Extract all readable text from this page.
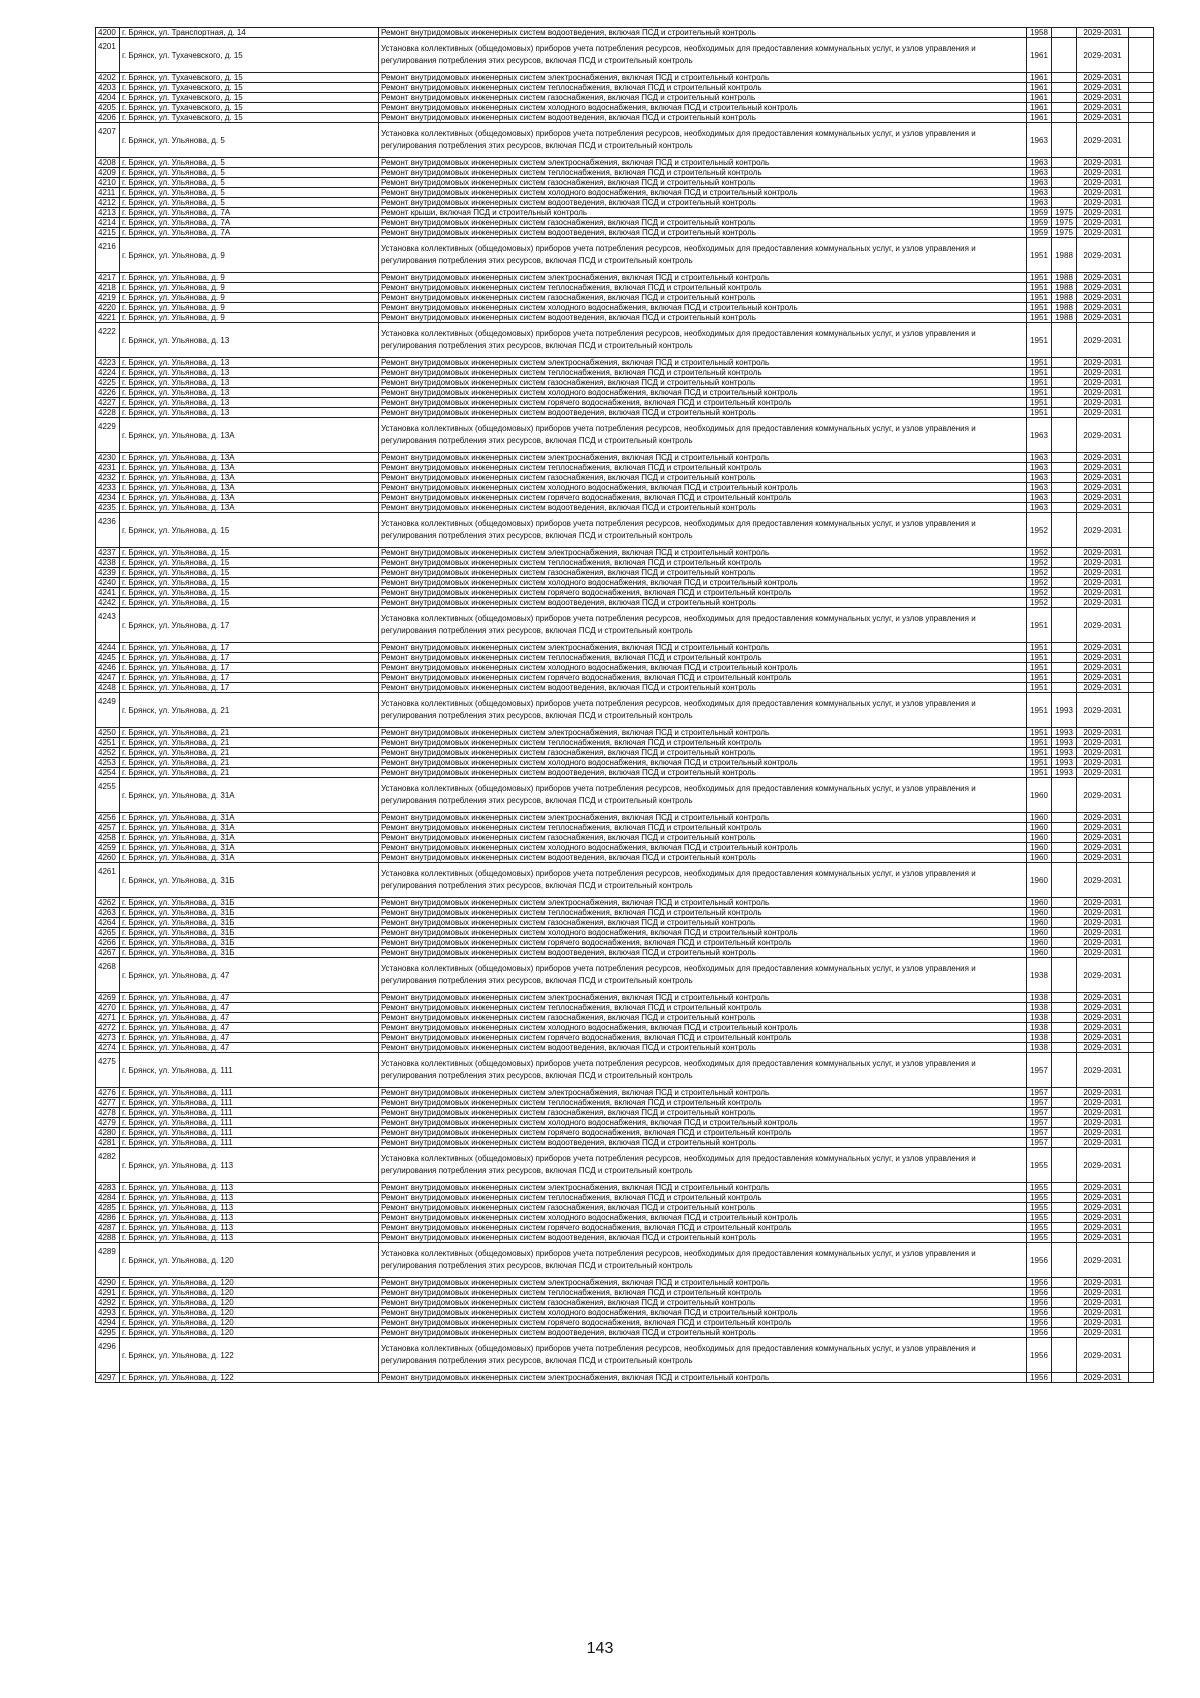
4200	г. Брянск, ул. Транспортная, д. 14	Ремонт внутридомовых инженерных систем водоотведения, включая ПСД и строительный контроль	1958		2029-2031	
4201	г. Брянск, ул. Тухачевского, д. 15	Установка коллективных (общедомовых) приборов учета потребления ресурсов, необходимых для предоставления коммунальных услуг, и узлов управления и регулирования потребления этих ресурсов, включая ПСД и строительный контроль	1961		2029-2031	
4202	г. Брянск, ул. Тухачевского, д. 15	Ремонт внутридомовых инженерных систем электроснабжения, включая ПСД и строительный контроль	1961		2029-2031	
4203	г. Брянск, ул. Тухачевского, д. 15	Ремонт внутридомовых инженерных систем теплоснабжения, включая ПСД и строительный контроль	1961		2029-2031	
4204	г. Брянск, ул. Тухачевского, д. 15	Ремонт внутридомовых инженерных систем газоснабжения, включая ПСД и строительный контроль	1961		2029-2031	
4205	г. Брянск, ул. Тухачевского, д. 15	Ремонт внутридомовых инженерных систем холодного водоснабжения, включая ПСД и строительный контроль	1961		2029-2031	
4206	г. Брянск, ул. Тухачевского, д. 15	Ремонт внутридомовых инженерных систем водоотведения, включая ПСД и строительный контроль	1961		2029-2031	
4207	г. Брянск, ул. Ульянова, д. 5	Установка коллективных (общедомовых) приборов учета потребления ресурсов, необходимых для предоставления коммунальных услуг, и узлов управления и регулирования потребления этих ресурсов, включая ПСД и строительный контроль	1963		2029-2031	
4208	г. Брянск, ул. Ульянова, д. 5	Ремонт внутридомовых инженерных систем электроснабжения, включая ПСД и строительный контроль	1963		2029-2031	
4209	г. Брянск, ул. Ульянова, д. 5	Ремонт внутридомовых инженерных систем теплоснабжения, включая ПСД и строительный контроль	1963		2029-2031	
4210	г. Брянск, ул. Ульянова, д. 5	Ремонт внутридомовых инженерных систем газоснабжения, включая ПСД и строительный контроль	1963		2029-2031	
4211	г. Брянск, ул. Ульянова, д. 5	Ремонт внутридомовых инженерных систем холодного водоснабжения, включая ПСД и строительный контроль	1963		2029-2031	
4212	г. Брянск, ул. Ульянова, д. 5	Ремонт внутридомовых инженерных систем водоотведения, включая ПСД и строительный контроль	1963		2029-2031	
4213	г. Брянск, ул. Ульянова, д. 7А	Ремонт крыши, включая ПСД и строительный контроль	1959	1975	2029-2031	
4214	г. Брянск, ул. Ульянова, д. 7А	Ремонт внутридомовых инженерных систем газоснабжения, включая ПСД и строительный контроль	1959	1975	2029-2031	
4215	г. Брянск, ул. Ульянова, д. 7А	Ремонт внутридомовых инженерных систем водоотведения, включая ПСД и строительный контроль	1959	1975	2029-2031	
4216	г. Брянск, ул. Ульянова, д. 9	Установка коллективных (общедомовых) приборов учета потребления ресурсов, необходимых для предоставления коммунальных услуг, и узлов управления и регулирования потребления этих ресурсов, включая ПСД и строительный контроль	1951	1988	2029-2031	
4217	г. Брянск, ул. Ульянова, д. 9	Ремонт внутридомовых инженерных систем электроснабжения, включая ПСД и строительный контроль	1951	1988	2029-2031	
4218	г. Брянск, ул. Ульянова, д. 9	Ремонт внутридомовых инженерных систем теплоснабжения, включая ПСД и строительный контроль	1951	1988	2029-2031	
4219	г. Брянск, ул. Ульянова, д. 9	Ремонт внутридомовых инженерных систем газоснабжения, включая ПСД и строительный контроль	1951	1988	2029-2031	
4220	г. Брянск, ул. Ульянова, д. 9	Ремонт внутридомовых инженерных систем холодного водоснабжения, включая ПСД и строительный контроль	1951	1988	2029-2031	
4221	г. Брянск, ул. Ульянова, д. 9	Ремонт внутридомовых инженерных систем водоотведения, включая ПСД и строительный контроль	1951	1988	2029-2031	
4222	г. Брянск, ул. Ульянова, д. 13	Установка коллективных (общедомовых) приборов учета потребления ресурсов, необходимых для предоставления коммунальных услуг, и узлов управления и регулирования потребления этих ресурсов, включая ПСД и строительный контроль	1951		2029-2031	
4223	г. Брянск, ул. Ульянова, д. 13	Ремонт внутридомовых инженерных систем электроснабжения, включая ПСД и строительный контроль	1951		2029-2031	
4224	г. Брянск, ул. Ульянова, д. 13	Ремонт внутридомовых инженерных систем теплоснабжения, включая ПСД и строительный контроль	1951		2029-2031	
4225	г. Брянск, ул. Ульянова, д. 13	Ремонт внутридомовых инженерных систем газоснабжения, включая ПСД и строительный контроль	1951		2029-2031	
4226	г. Брянск, ул. Ульянова, д. 13	Ремонт внутридомовых инженерных систем холодного водоснабжения, включая ПСД и строительный контроль	1951		2029-2031	
4227	г. Брянск, ул. Ульянова, д. 13	Ремонт внутридомовых инженерных систем горячего водоснабжения, включая ПСД и строительный контроль	1951		2029-2031	
4228	г. Брянск, ул. Ульянова, д. 13	Ремонт внутридомовых инженерных систем водоотведения, включая ПСД и строительный контроль	1951		2029-2031	
4229	г. Брянск, ул. Ульянова, д. 13А	Установка коллективных (общедомовых) приборов учета потребления ресурсов, необходимых для предоставления коммунальных услуг, и узлов управления и регулирования потребления этих ресурсов, включая ПСД и строительный контроль	1963		2029-2031	
4230	г. Брянск, ул. Ульянова, д. 13А	Ремонт внутридомовых инженерных систем электроснабжения, включая ПСД и строительный контроль	1963		2029-2031	
4231	г. Брянск, ул. Ульянова, д. 13А	Ремонт внутридомовых инженерных систем теплоснабжения, включая ПСД и строительный контроль	1963		2029-2031	
4232	г. Брянск, ул. Ульянова, д. 13А	Ремонт внутридомовых инженерных систем газоснабжения, включая ПСД и строительный контроль	1963		2029-2031	
4233	г. Брянск, ул. Ульянова, д. 13А	Ремонт внутридомовых инженерных систем холодного водоснабжения, включая ПСД и строительный контроль	1963		2029-2031	
4234	г. Брянск, ул. Ульянова, д. 13А	Ремонт внутридомовых инженерных систем горячего водоснабжения, включая ПСД и строительный контроль	1963		2029-2031	
4235	г. Брянск, ул. Ульянова, д. 13А	Ремонт внутридомовых инженерных систем водоотведения, включая ПСД и строительный контроль	1963		2029-2031	
4236	г. Брянск, ул. Ульянова, д. 15	Установка коллективных (общедомовых) приборов учета потребления ресурсов, необходимых для предоставления коммунальных услуг, и узлов управления и регулирования потребления этих ресурсов, включая ПСД и строительный контроль	1952		2029-2031	
4237	г. Брянск, ул. Ульянова, д. 15	Ремонт внутридомовых инженерных систем электроснабжения, включая ПСД и строительный контроль	1952		2029-2031	
4238	г. Брянск, ул. Ульянова, д. 15	Ремонт внутридомовых инженерных систем теплоснабжения, включая ПСД и строительный контроль	1952		2029-2031	
4239	г. Брянск, ул. Ульянова, д. 15	Ремонт внутридомовых инженерных систем газоснабжения, включая ПСД и строительный контроль	1952		2029-2031	
4240	г. Брянск, ул. Ульянова, д. 15	Ремонт внутридомовых инженерных систем холодного водоснабжения, включая ПСД и строительный контроль	1952		2029-2031	
4241	г. Брянск, ул. Ульянова, д. 15	Ремонт внутридомовых инженерных систем горячего водоснабжения, включая ПСД и строительный контроль	1952		2029-2031	
4242	г. Брянск, ул. Ульянова, д. 15	Ремонт внутридомовых инженерных систем водоотведения, включая ПСД и строительный контроль	1952		2029-2031	
4243	г. Брянск, ул. Ульянова, д. 17	Установка коллективных (общедомовых) приборов учета потребления ресурсов, необходимых для предоставления коммунальных услуг, и узлов управления и регулирования потребления этих ресурсов, включая ПСД и строительный контроль	1951		2029-2031	
4244	г. Брянск, ул. Ульянова, д. 17	Ремонт внутридомовых инженерных систем электроснабжения, включая ПСД и строительный контроль	1951		2029-2031	
4245	г. Брянск, ул. Ульянова, д. 17	Ремонт внутридомовых инженерных систем теплоснабжения, включая ПСД и строительный контроль	1951		2029-2031	
4246	г. Брянск, ул. Ульянова, д. 17	Ремонт внутридомовых инженерных систем холодного водоснабжения, включая ПСД и строительный контроль	1951		2029-2031	
4247	г. Брянск, ул. Ульянова, д. 17	Ремонт внутридомовых инженерных систем горячего водоснабжения, включая ПСД и строительный контроль	1951		2029-2031	
4248	г. Брянск, ул. Ульянова, д. 17	Ремонт внутридомовых инженерных систем водоотведения, включая ПСД и строительный контроль	1951		2029-2031	
4249	г. Брянск, ул. Ульянова, д. 21	Установка коллективных (общедомовых) приборов учета потребления ресурсов, необходимых для предоставления коммунальных услуг, и узлов управления и регулирования потребления этих ресурсов, включая ПСД и строительный контроль	1951	1993	2029-2031	
4250	г. Брянск, ул. Ульянова, д. 21	Ремонт внутридомовых инженерных систем электроснабжения, включая ПСД и строительный контроль	1951	1993	2029-2031	
4251	г. Брянск, ул. Ульянова, д. 21	Ремонт внутридомовых инженерных систем теплоснабжения, включая ПСД и строительный контроль	1951	1993	2029-2031	
4252	г. Брянск, ул. Ульянова, д. 21	Ремонт внутридомовых инженерных систем газоснабжения, включая ПСД и строительный контроль	1951	1993	2029-2031	
4253	г. Брянск, ул. Ульянова, д. 21	Ремонт внутридомовых инженерных систем холодного водоснабжения, включая ПСД и строительный контроль	1951	1993	2029-2031	
4254	г. Брянск, ул. Ульянова, д. 21	Ремонт внутридомовых инженерных систем водоотведения, включая ПСД и строительный контроль	1951	1993	2029-2031	
4255	г. Брянск, ул. Ульянова, д. 31А	Установка коллективных (общедомовых) приборов учета потребления ресурсов, необходимых для предоставления коммунальных услуг, и узлов управления и регулирования потребления этих ресурсов, включая ПСД и строительный контроль	1960		2029-2031	
4256	г. Брянск, ул. Ульянова, д. 31А	Ремонт внутридомовых инженерных систем электроснабжения, включая ПСД и строительный контроль	1960		2029-2031	
4257	г. Брянск, ул. Ульянова, д. 31А	Ремонт внутридомовых инженерных систем теплоснабжения, включая ПСД и строительный контроль	1960		2029-2031	
4258	г. Брянск, ул. Ульянова, д. 31А	Ремонт внутридомовых инженерных систем газоснабжения, включая ПСД и строительный контроль	1960		2029-2031	
4259	г. Брянск, ул. Ульянова, д. 31А	Ремонт внутридомовых инженерных систем холодного водоснабжения, включая ПСД и строительный контроль	1960		2029-2031	
4260	г. Брянск, ул. Ульянова, д. 31А	Ремонт внутридомовых инженерных систем водоотведения, включая ПСД и строительный контроль	1960		2029-2031	
4261	г. Брянск, ул. Ульянова, д. 31Б	Установка коллективных (общедомовых) приборов учета потребления ресурсов, необходимых для предоставления коммунальных услуг, и узлов управления и регулирования потребления этих ресурсов, включая ПСД и строительный контроль	1960		2029-2031	
4262	г. Брянск, ул. Ульянова, д. 31Б	Ремонт внутридомовых инженерных систем электроснабжения, включая ПСД и строительный контроль	1960		2029-2031	
4263	г. Брянск, ул. Ульянова, д. 31Б	Ремонт внутридомовых инженерных систем теплоснабжения, включая ПСД и строительный контроль	1960		2029-2031	
4264	г. Брянск, ул. Ульянова, д. 31Б	Ремонт внутридомовых инженерных систем газоснабжения, включая ПСД и строительный контроль	1960		2029-2031	
4265	г. Брянск, ул. Ульянова, д. 31Б	Ремонт внутридомовых инженерных систем холодного водоснабжения, включая ПСД и строительный контроль	1960		2029-2031	
4266	г. Брянск, ул. Ульянова, д. 31Б	Ремонт внутридомовых инженерных систем горячего водоснабжения, включая ПСД и строительный контроль	1960		2029-2031	
4267	г. Брянск, ул. Ульянова, д. 31Б	Ремонт внутридомовых инженерных систем водоотведения, включая ПСД и строительный контроль	1960		2029-2031	
4268	г. Брянск, ул. Ульянова, д. 47	Установка коллективных (общедомовых) приборов учета потребления ресурсов, необходимых для предоставления коммунальных услуг, и узлов управления и регулирования потребления этих ресурсов, включая ПСД и строительный контроль	1938		2029-2031	
4269	г. Брянск, ул. Ульянова, д. 47	Ремонт внутридомовых инженерных систем электроснабжения, включая ПСД и строительный контроль	1938		2029-2031	
4270	г. Брянск, ул. Ульянова, д. 47	Ремонт внутридомовых инженерных систем теплоснабжения, включая ПСД и строительный контроль	1938		2029-2031	
4271	г. Брянск, ул. Ульянова, д. 47	Ремонт внутридомовых инженерных систем газоснабжения, включая ПСД и строительный контроль	1938		2029-2031	
4272	г. Брянск, ул. Ульянова, д. 47	Ремонт внутридомовых инженерных систем холодного водоснабжения, включая ПСД и строительный контроль	1938		2029-2031	
4273	г. Брянск, ул. Ульянова, д. 47	Ремонт внутридомовых инженерных систем горячего водоснабжения, включая ПСД и строительный контроль	1938		2029-2031	
4274	г. Брянск, ул. Ульянова, д. 47	Ремонт внутридомовых инженерных систем водоотведения, включая ПСД и строительный контроль	1938		2029-2031	
4275	г. Брянск, ул. Ульянова, д. 111	Установка коллективных (общедомовых) приборов учета потребления ресурсов, необходимых для предоставления коммунальных услуг, и узлов управления и регулирования потребления этих ресурсов, включая ПСД и строительный контроль	1957		2029-2031	
4276	г. Брянск, ул. Ульянова, д. 111	Ремонт внутридомовых инженерных систем электроснабжения, включая ПСД и строительный контроль	1957		2029-2031	
4277	г. Брянск, ул. Ульянова, д. 111	Ремонт внутридомовых инженерных систем теплоснабжения, включая ПСД и строительный контроль	1957		2029-2031	
4278	г. Брянск, ул. Ульянова, д. 111	Ремонт внутридомовых инженерных систем газоснабжения, включая ПСД и строительный контроль	1957		2029-2031	
4279	г. Брянск, ул. Ульянова, д. 111	Ремонт внутридомовых инженерных систем холодного водоснабжения, включая ПСД и строительный контроль	1957		2029-2031	
4280	г. Брянск, ул. Ульянова, д. 111	Ремонт внутридомовых инженерных систем горячего водоснабжения, включая ПСД и строительный контроль	1957		2029-2031	
4281	г. Брянск, ул. Ульянова, д. 111	Ремонт внутридомовых инженерных систем водоотведения, включая ПСД и строительный контроль	1957		2029-2031	
4282	г. Брянск, ул. Ульянова, д. 113	Установка коллективных (общедомовых) приборов учета потребления ресурсов, необходимых для предоставления коммунальных услуг, и узлов управления и регулирования потребления этих ресурсов, включая ПСД и строительный контроль	1955		2029-2031	
4283	г. Брянск, ул. Ульянова, д. 113	Ремонт внутридомовых инженерных систем электроснабжения, включая ПСД и строительный контроль	1955		2029-2031	
4284	г. Брянск, ул. Ульянова, д. 113	Ремонт внутридомовых инженерных систем теплоснабжения, включая ПСД и строительный контроль	1955		2029-2031	
4285	г. Брянск, ул. Ульянова, д. 113	Ремонт внутридомовых инженерных систем газоснабжения, включая ПСД и строительный контроль	1955		2029-2031	
4286	г. Брянск, ул. Ульянова, д. 113	Ремонт внутридомовых инженерных систем холодного водоснабжения, включая ПСД и строительный контроль	1955		2029-2031	
4287	г. Брянск, ул. Ульянова, д. 113	Ремонт внутридомовых инженерных систем горячего водоснабжения, включая ПСД и строительный контроль	1955		2029-2031	
4288	г. Брянск, ул. Ульянова, д. 113	Ремонт внутридомовых инженерных систем водоотведения, включая ПСД и строительный контроль	1955		2029-2031	
4289	г. Брянск, ул. Ульянова, д. 120	Установка коллективных (общедомовых) приборов учета потребления ресурсов, необходимых для предоставления коммунальных услуг, и узлов управления и регулирования потребления этих ресурсов, включая ПСД и строительный контроль	1956		2029-2031	
4290	г. Брянск, ул. Ульянова, д. 120	Ремонт внутридомовых инженерных систем электроснабжения, включая ПСД и строительный контроль	1956		2029-2031	
4291	г. Брянск, ул. Ульянова, д. 120	Ремонт внутридомовых инженерных систем теплоснабжения, включая ПСД и строительный контроль	1956		2029-2031	
4292	г. Брянск, ул. Ульянова, д. 120	Ремонт внутридомовых инженерных систем газоснабжения, включая ПСД и строительный контроль	1956		2029-2031	
4293	г. Брянск, ул. Ульянова, д. 120	Ремонт внутридомовых инженерных систем холодного водоснабжения, включая ПСД и строительный контроль	1956		2029-2031	
4294	г. Брянск, ул. Ульянова, д. 120	Ремонт внутридомовых инженерных систем горячего водоснабжения, включая ПСД и строительный контроль	1956		2029-2031	
4295	г. Брянск, ул. Ульянова, д. 120	Ремонт внутридомовых инженерных систем водоотведения, включая ПСД и строительный контроль	1956		2029-2031	
4296	г. Брянск, ул. Ульянова, д. 122	Установка коллективных (общедомовых) приборов учета потребления ресурсов, необходимых для предоставления коммунальных услуг, и узлов управления и регулирования потребления этих ресурсов, включая ПСД и строительный контроль	1956		2029-2031	
4297	г. Брянск, ул. Ульянова, д. 122	Ремонт внутридомовых инженерных систем электроснабжения, включая ПСД и строительный контроль	1956		2029-2031	
143
